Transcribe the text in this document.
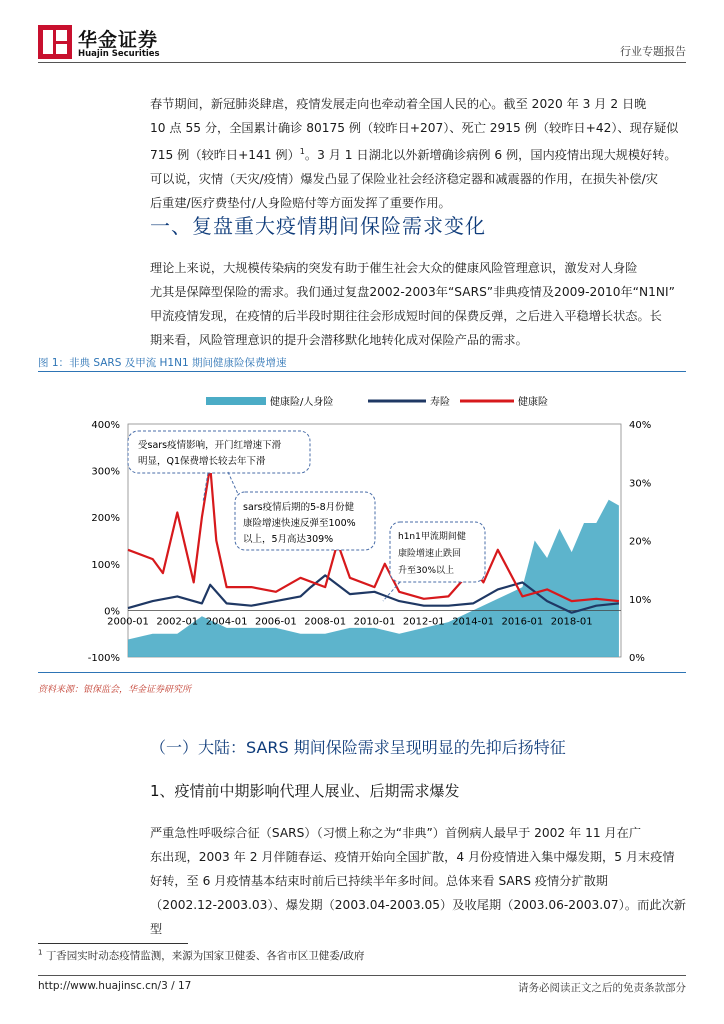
华金证券
Huajin Securities	行业专题报告
春节期间，新冠肺炎肆虐，疫情发展走向也牵动着全国人民的心。截至 2020 年 3 月 2 日晚
10 点 55 分，全国累计确诊 80175 例（较昨日+207）、死亡 2915 例（较昨日+42）、现存疑似
715 例（较昨日+141 例）$^1$。3 月 1 日湖北以外新增确诊病例 6 例，国内疫情出现大规模好转。
可以说，灾情（天灾/疫情）爆发凸显了保险业社会经济稳定器和减震器的作用，在损失补偿/灾
后重建/医疗费垫付/人身险赔付等方面发挥了重要作用。
一、复盘重大疫情期间保险需求变化
理论上来说，大规模传染病的突发有助于催生社会大众的健康风险管理意识，激发对人身险
尤其是保障型保险的需求。我们通过复盘2002-2003年“SARS”非典疫情及2009-2010年“N1NI”
甲流疫情发现，在疫情的后半段时期往往会形成短时间的保费反弹，之后进入平稳增长状态。长
期来看，风险管理意识的提升会潜移默化地转化成对保险产品的需求。
图 1：非典 SARS 及甲流 H1N1 期间健康险保费增速
健康险/人身险	寿险	健康险
400%
300%
200%
100%
0%
-100%
40%
30%
20%
10%
0%
2000-01 2002-01 2004-01 2006-01 2008-01 2010-01 2012-01 2014-01 2016-01 2018-01
受sars疫情影响，开门红增速下滑
明显，Q1保费增长较去年下滑
sars疫情后期的5-8月份健
康险增速快速反弹至100%
以上，5月高达309%	h1n1甲流期间健
康险增速止跌回
升至30%以上
资料来源：银保监会，华金证券研究所
（一）大陆：SARS 期间保险需求呈现明显的先抑后扬特征
1、疫情前中期影响代理人展业、后期需求爆发
严重急性呼吸综合征（SARS）（习惯上称之为“非典”）首例病人最早于 2002 年 11 月在广
东出现，2003 年 2 月伴随春运、疫情开始向全国扩散，4 月份疫情进入集中爆发期，5 月末疫情
好转，至 6 月疫情基本结束时前后已持续半年多时间。总体来看 SARS 疫情分扩散期
（2002.12-2003.03）、爆发期（2003.04-2003.05）及收尾期（2003.06-2003.07）。而此次新型
$^1$ 丁香园实时动态疫情监测，来源为国家卫健委、各省市区卫健委/政府
http://www.huajinsc.cn/3 / 17	请务必阅读正文之后的免责条款部分
